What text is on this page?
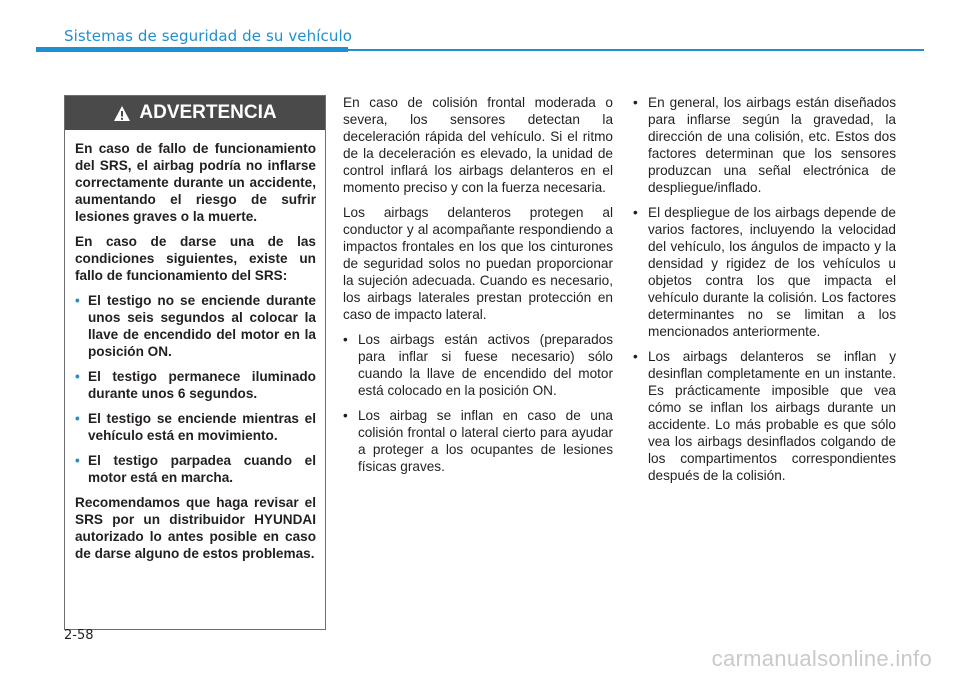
Sistemas de seguridad de su vehículo
ADVERTENCIA

En caso de fallo de funcionamiento del SRS, el airbag podría no inflarse correctamente durante un accidente, aumentando el riesgo de sufrir lesiones graves o la muerte.

En caso de darse una de las condiciones siguientes, existe un fallo de funcionamiento del SRS:

• El testigo no se enciende durante unos seis segundos al colocar la llave de encendido del motor en la posición ON.
• El testigo permanece iluminado durante unos 6 segundos.
• El testigo se enciende mientras el vehículo está en movimiento.
• El testigo parpadea cuando el motor está en marcha.

Recomendamos que haga revisar el SRS por un distribuidor HYUNDAI autorizado lo antes posible en caso de darse alguno de estos problemas.

En caso de colisión frontal moderada o severa, los sensores detectan la deceleración rápida del vehículo. Si el ritmo de la deceleración es elevado, la unidad de control inflará los airbags delanteros en el momento preciso y con la fuerza necesaria.

Los airbags delanteros protegen al conductor y al acompañante respondiendo a impactos frontales en los que los cinturones de seguridad solos no puedan proporcionar la sujeción adecuada. Cuando es necesario, los airbags laterales prestan protección en caso de impacto lateral.

• Los airbags están activos (preparados para inflar si fuese necesario) sólo cuando la llave de encendido del motor está colocado en la posición ON.
• Los airbag se inflan en caso de una colisión frontal o lateral cierto para ayudar a proteger a los ocupantes de lesiones físicas graves.
• En general, los airbags están diseñados para inflarse según la gravedad, la dirección de una colisión, etc. Estos dos factores determinan que los sensores produzcan una señal electrónica de despliegue/inflado.
• El despliegue de los airbags depende de varios factores, incluyendo la velocidad del vehículo, los ángulos de impacto y la densidad y rigidez de los vehículos u objetos contra los que impacta el vehículo durante la colisión. Los factores determinantes no se limitan a los mencionados anteriormente.
• Los airbags delanteros se inflan y desinflan completamente en un instante. Es prácticamente imposible que vea cómo se inflan los airbags durante un accidente. Lo más probable es que sólo vea los airbags desinflados colgando de los compartimentos correspondientes después de la colisión.
2-58
carmanualsonline.info
